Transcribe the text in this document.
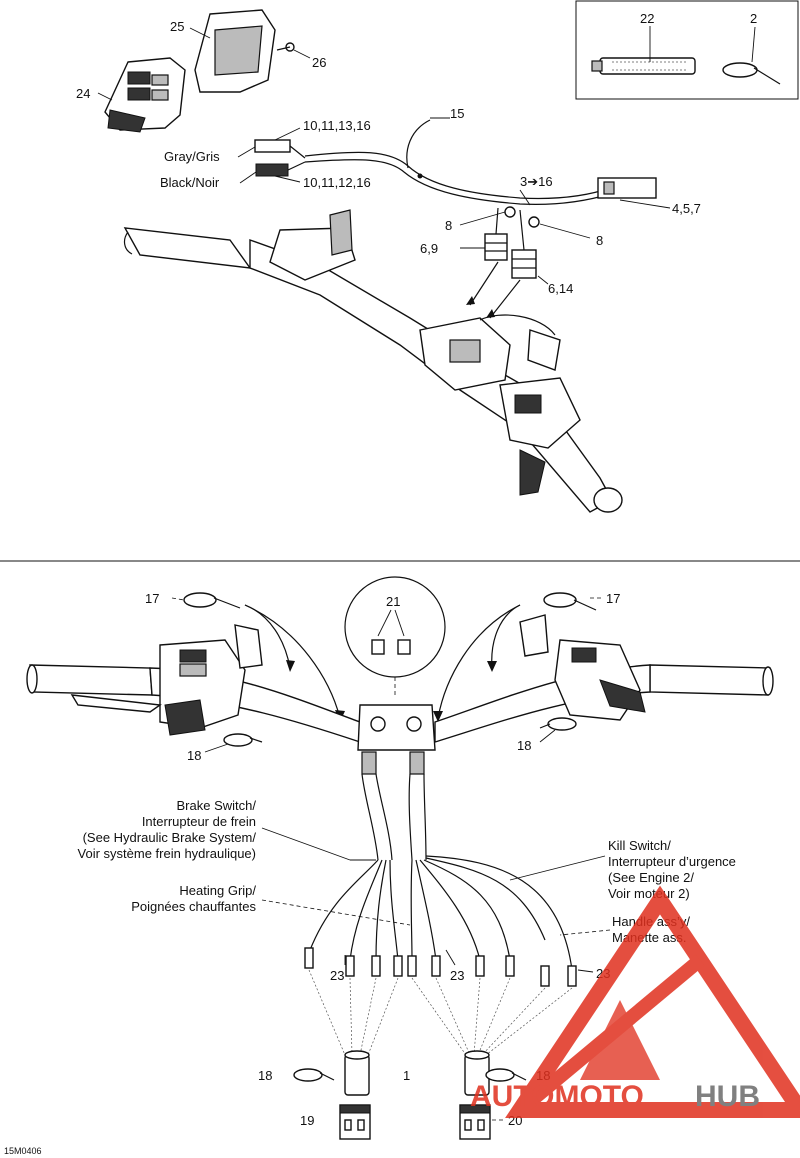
22	2
25
26
24
15
10,11,13,16
10,11,12,16
Gray/Gris
Black/Noir
8
8
3➔16
4,5,7
6,9
6,14
17	17
21
18
18
Brake Switch/
Interrupteur de frein
(See Hydraulic Brake System/
Voir système frein hydraulique)
Heating Grip/
Poignées chauffantes
Kill Switch/
Interrupteur d’urgence
(See Engine 2/
Voir moteur 2)
Handle ass’y/
Manette ass.
23	23	23
1
18	18
19	20
15M0406
AUTOMOTO HUB
